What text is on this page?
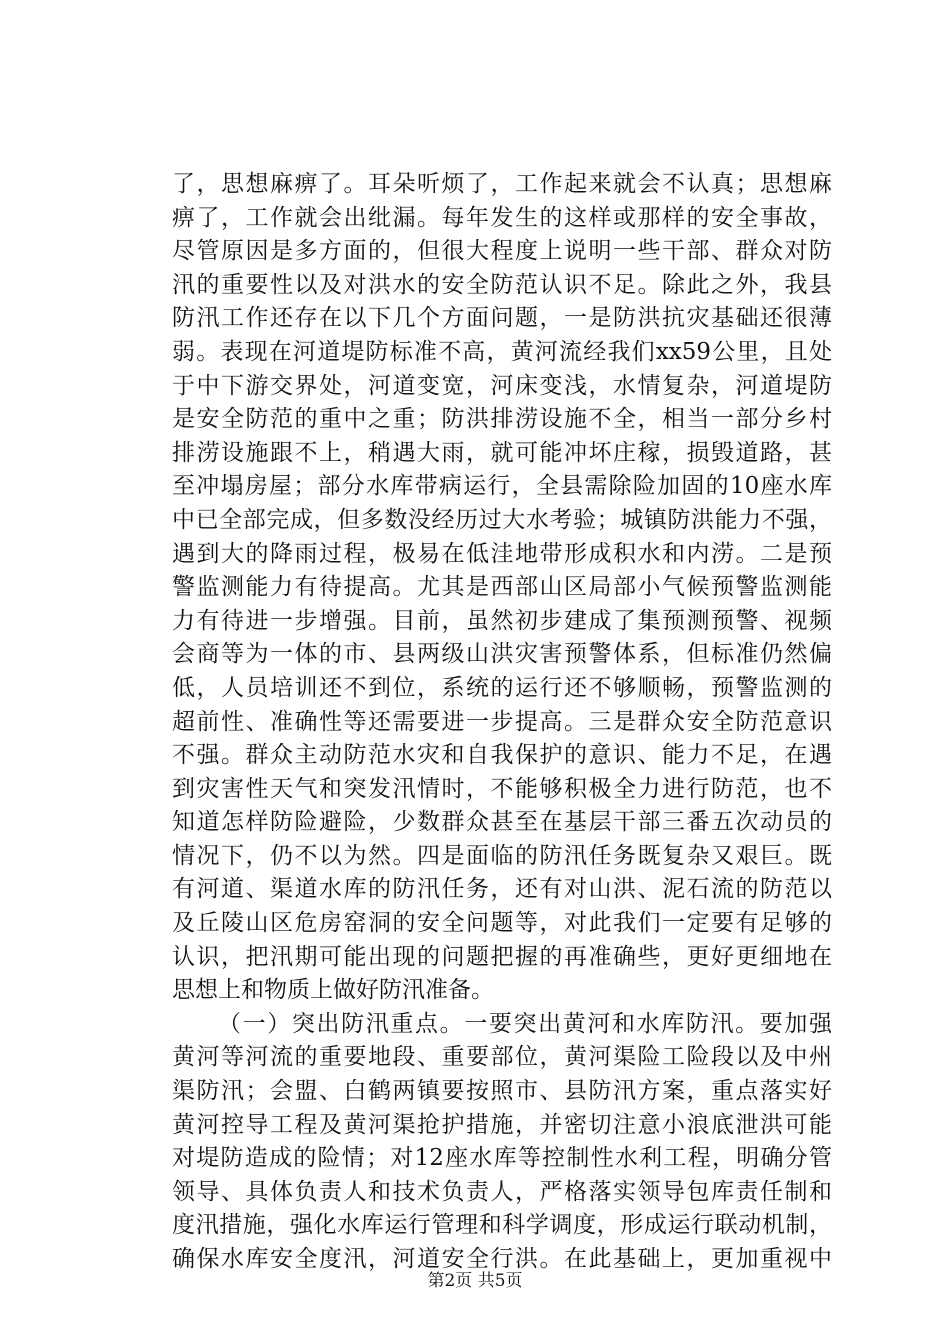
了，思想麻痹了。耳朵听烦了，工作起来就会不认真；思想麻
痹了，工作就会出纰漏。每年发生的这样或那样的安全事故，
尽管原因是多方面的，但很大程度上说明一些干部、群众对防
汛的重要性以及对洪水的安全防范认识不足。除此之外，我县
防汛工作还存在以下几个方面问题，一是防洪抗灾基础还很薄
弱。表现在河道堤防标准不高，黄河流经我们xx59公里，且处
于中下游交界处，河道变宽，河床变浅，水情复杂，河道堤防
是安全防范的重中之重；防洪排涝设施不全，相当一部分乡村
排涝设施跟不上，稍遇大雨，就可能冲坏庄稼，损毁道路，甚
至冲塌房屋；部分水库带病运行，全县需除险加固的10座水库
中已全部完成，但多数没经历过大水考验；城镇防洪能力不强，
遇到大的降雨过程，极易在低洼地带形成积水和内涝。二是预
警监测能力有待提高。尤其是西部山区局部小气候预警监测能
力有待进一步增强。目前，虽然初步建成了集预测预警、视频
会商等为一体的市、县两级山洪灾害预警体系，但标准仍然偏
低，人员培训还不到位，系统的运行还不够顺畅，预警监测的
超前性、准确性等还需要进一步提高。三是群众安全防范意识
不强。群众主动防范水灾和自我保护的意识、能力不足，在遇
到灾害性天气和突发汛情时，不能够积极全力进行防范，也不
知道怎样防险避险，少数群众甚至在基层干部三番五次动员的
情况下，仍不以为然。四是面临的防汛任务既复杂又艰巨。既
有河道、渠道水库的防汛任务，还有对山洪、泥石流的防范以
及丘陵山区危房窑洞的安全问题等，对此我们一定要有足够的
认识，把汛期可能出现的问题把握的再准确些，更好更细地在
思想上和物质上做好防汛准备。
（一）突出防汛重点。一要突出黄河和水库防汛。要加强
黄河等河流的重要地段、重要部位，黄河渠险工险段以及中州
渠防汛；会盟、白鹤两镇要按照市、县防汛方案，重点落实好
黄河控导工程及黄河渠抢护措施，并密切注意小浪底泄洪可能
对堤防造成的险情；对12座水库等控制性水利工程，明确分管
领导、具体负责人和技术负责人，严格落实领导包库责任制和
度汛措施，强化水库运行管理和科学调度，形成运行联动机制，
确保水库安全度汛，河道安全行洪。在此基础上，更加重视中
第2页 共5页
